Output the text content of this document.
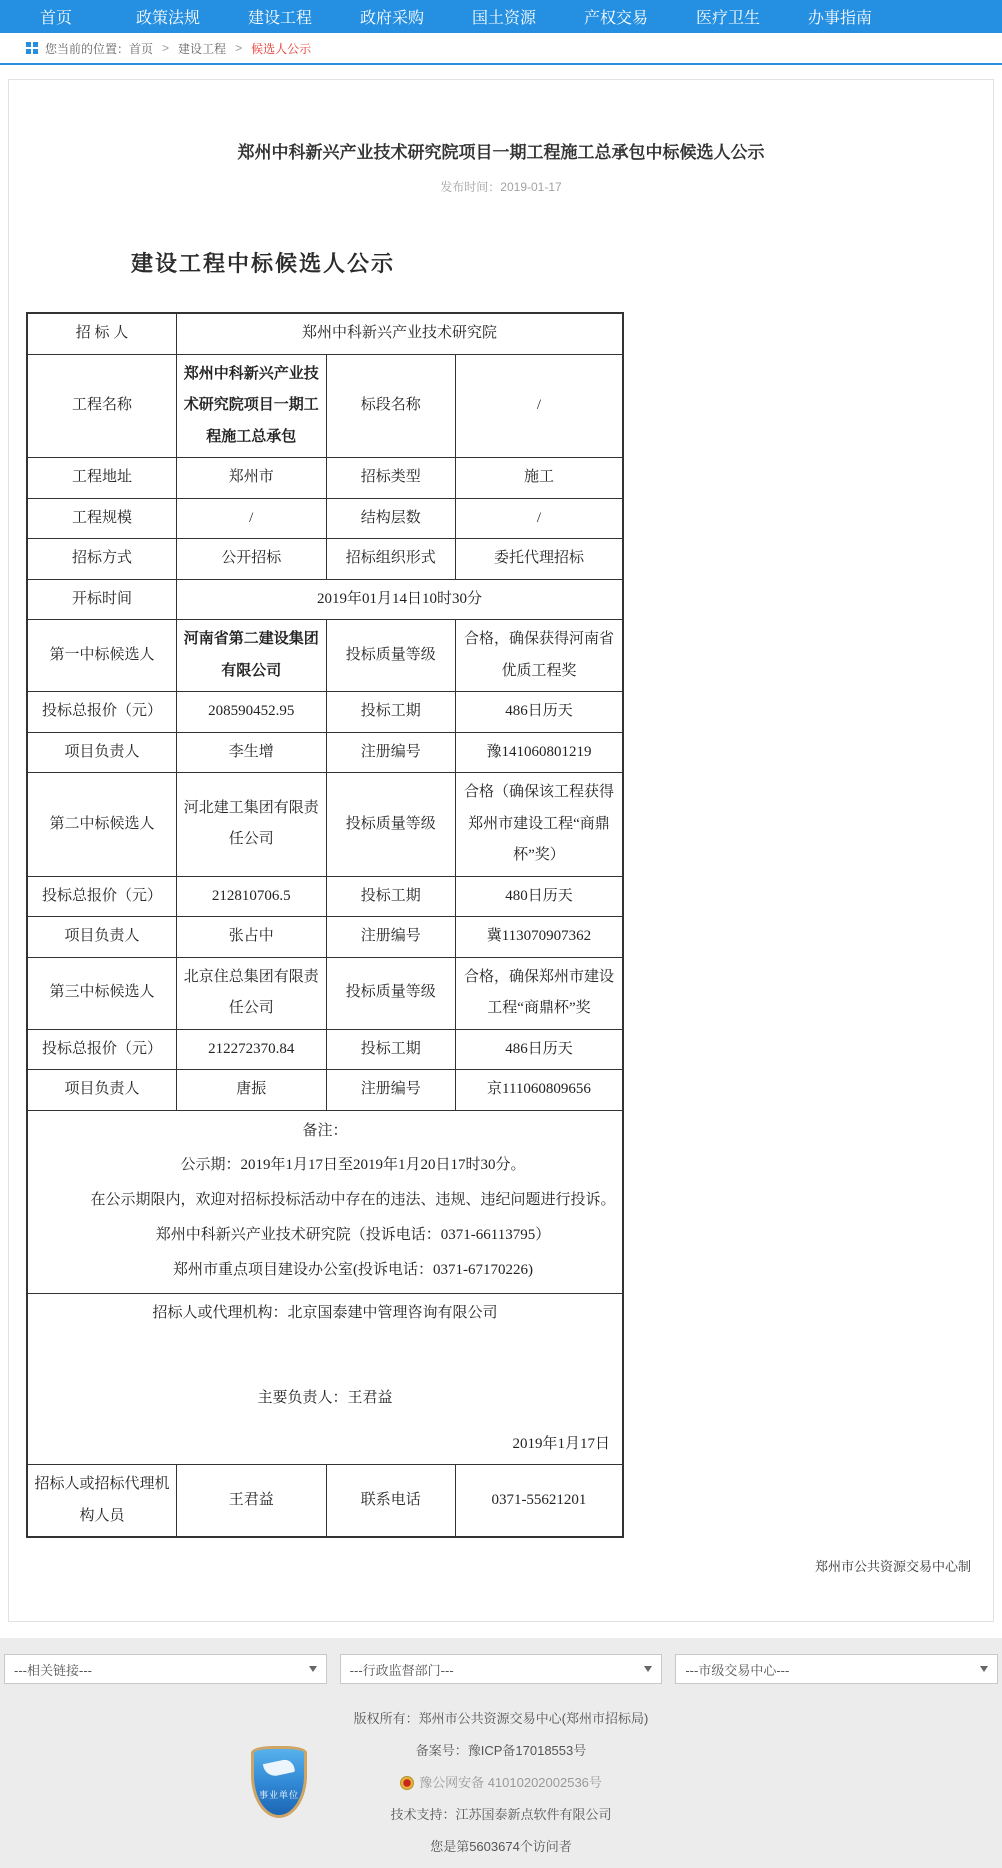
首页	政策法规	建设工程	政府采购	国土资源	产权交易	医疗卫生	办事指南
您当前的位置： 首页 > 建设工程 > 候选人公示
郑州中科新兴产业技术研究院项目一期工程施工总承包中标候选人公示
发布时间：2019-01-17
建设工程中标候选人公示
招 标 人	郑州中科新兴产业技术研究院		
工程名称	郑州中科新兴产业技术研究院项目一期工程施工总承包	标段名称	/
工程地址	郑州市	招标类型	施工
工程规模	/	结构层数	/
招标方式	公开招标	招标组织形式	委托代理招标
开标时间	2019年01月14日10时30分		
第一中标候选人	河南省第二建设集团有限公司	投标质量等级	合格，确保获得河南省优质工程奖
投标总报价（元）	208590452.95	投标工期	486日历天
项目负责人	李生增	注册编号	豫141060801219
第二中标候选人	河北建工集团有限责任公司	投标质量等级	合格（确保该工程获得郑州市建设工程“商鼎杯”奖）
投标总报价（元）	212810706.5	投标工期	480日历天
项目负责人	张占中	注册编号	冀113070907362
第三中标候选人	北京住总集团有限责任公司	投标质量等级	合格，确保郑州市建设工程“商鼎杯”奖
投标总报价（元）	212272370.84	投标工期	486日历天
项目负责人	唐振	注册编号	京111060809656

备注：
公示期：2019年1月17日至2019年1月20日17时30分。
在公示期限内，欢迎对招标投标活动中存在的违法、违规、违纪问题进行投诉。
郑州中科新兴产业技术研究院（投诉电话：0371-66113795）
郑州市重点项目建设办公室(投诉电话：0371-67170226)			

招标人或代理机构：北京国泰建中管理咨询有限公司
主要负责人：王君益
2019年1月17日			

招标人或招标代理机构人员	王君益	联系电话	0371-55621201
郑州市公共资源交易中心制
---相关链接---	---行政监督部门---	---市级交易中心---
事业单位
版权所有：郑州市公共资源交易中心(郑州市招标局)
备案号：豫ICP备17018553号
豫公网安备 41010202002536号
技术支持：江苏国泰新点软件有限公司
您是第5603674个访问者
